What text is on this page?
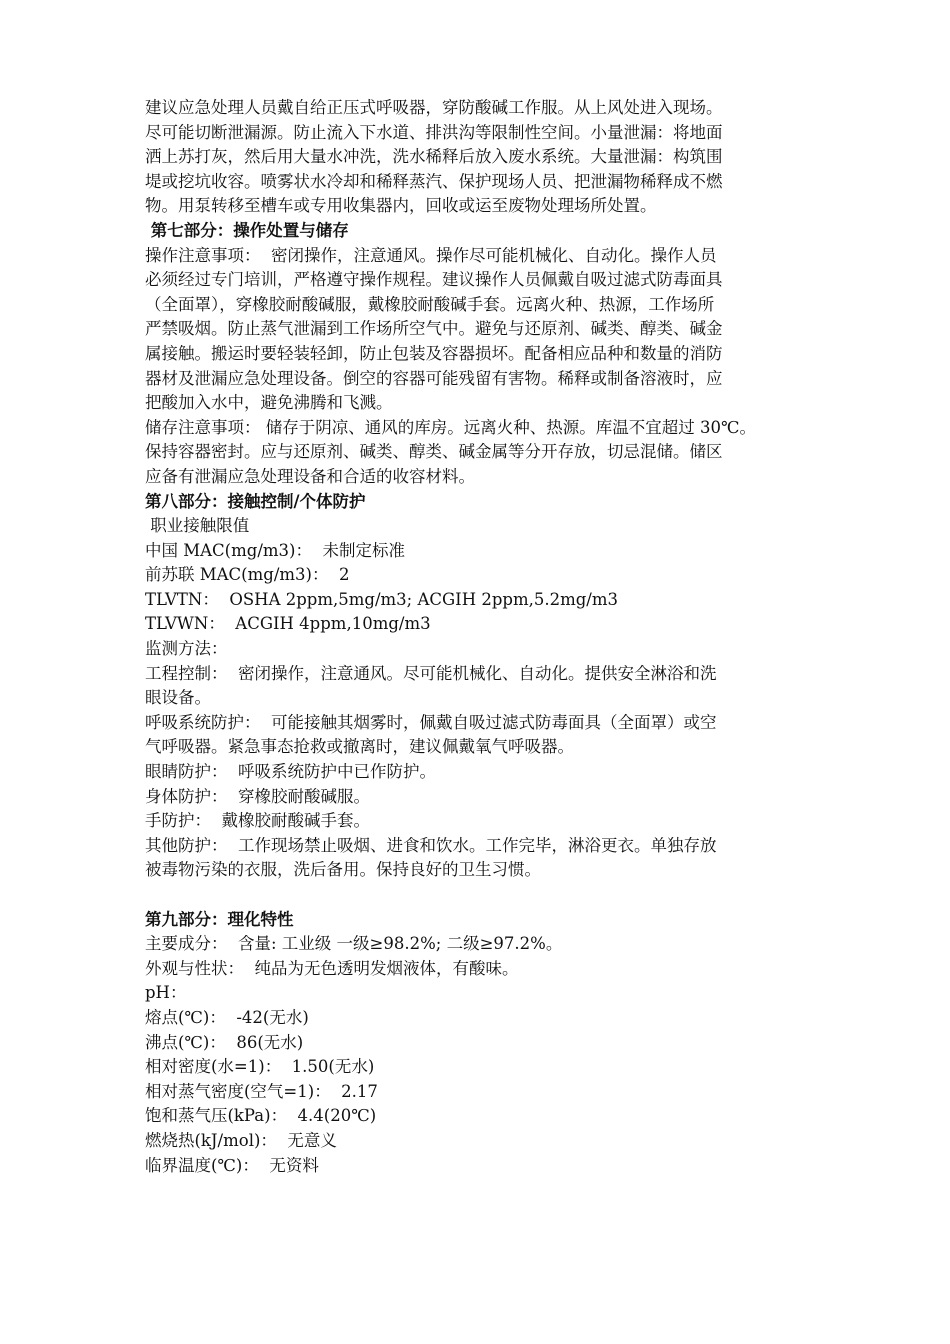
建议应急处理人员戴自给正压式呼吸器，穿防酸碱工作服。从上风处进入现场。
尽可能切断泄漏源。防止流入下水道、排洪沟等限制性空间。小量泄漏：将地面
洒上苏打灰，然后用大量水冲洗，洗水稀释后放入废水系统。大量泄漏：构筑围
堤或挖坑收容。喷雾状水冷却和稀释蒸汽、保护现场人员、把泄漏物稀释成不燃
物。用泵转移至槽车或专用收集器内，回收或运至废物处理场所处置。
第七部分：操作处置与储存
操作注意事项：  密闭操作，注意通风。操作尽可能机械化、自动化。操作人员
必须经过专门培训，严格遵守操作规程。建议操作人员佩戴自吸过滤式防毒面具
（全面罩），穿橡胶耐酸碱服，戴橡胶耐酸碱手套。远离火种、热源，工作场所
严禁吸烟。防止蒸气泄漏到工作场所空气中。避免与还原剂、碱类、醇类、碱金
属接触。搬运时要轻装轻卸，防止包装及容器损坏。配备相应品种和数量的消防
器材及泄漏应急处理设备。倒空的容器可能残留有害物。稀释或制备溶液时，应
把酸加入水中，避免沸腾和飞溅。
储存注意事项： 储存于阴凉、通风的库房。远离火种、热源。库温不宜超过 30℃。
保持容器密封。应与还原剂、碱类、醇类、碱金属等分开存放，切忌混储。储区
应备有泄漏应急处理设备和合适的收容材料。
第八部分：接触控制/个体防护
职业接触限值
中国 MAC(mg/m3)：  未制定标准
前苏联 MAC(mg/m3)：  2
TLVTN：  OSHA 2ppm,5mg/m3; ACGIH 2ppm,5.2mg/m3
TLVWN：  ACGIH 4ppm,10mg/m3
监测方法：
工程控制：  密闭操作，注意通风。尽可能机械化、自动化。提供安全淋浴和洗
眼设备。
呼吸系统防护：  可能接触其烟雾时，佩戴自吸过滤式防毒面具（全面罩）或空
气呼吸器。紧急事态抢救或撤离时，建议佩戴氧气呼吸器。
眼睛防护：  呼吸系统防护中已作防护。
身体防护：  穿橡胶耐酸碱服。
手防护：  戴橡胶耐酸碱手套。
其他防护：  工作现场禁止吸烟、进食和饮水。工作完毕，淋浴更衣。单独存放
被毒物污染的衣服，洗后备用。保持良好的卫生习惯。
第九部分：理化特性
主要成分：  含量: 工业级 一级≥98.2%; 二级≥97.2%。
外观与性状：  纯品为无色透明发烟液体，有酸味。
pH：
熔点(℃)：  -42(无水)
沸点(℃)：  86(无水)
相对密度(水=1)：  1.50(无水)
相对蒸气密度(空气=1)：  2.17
饱和蒸气压(kPa)：  4.4(20℃)
燃烧热(kJ/mol)：  无意义
临界温度(℃)：  无资料
